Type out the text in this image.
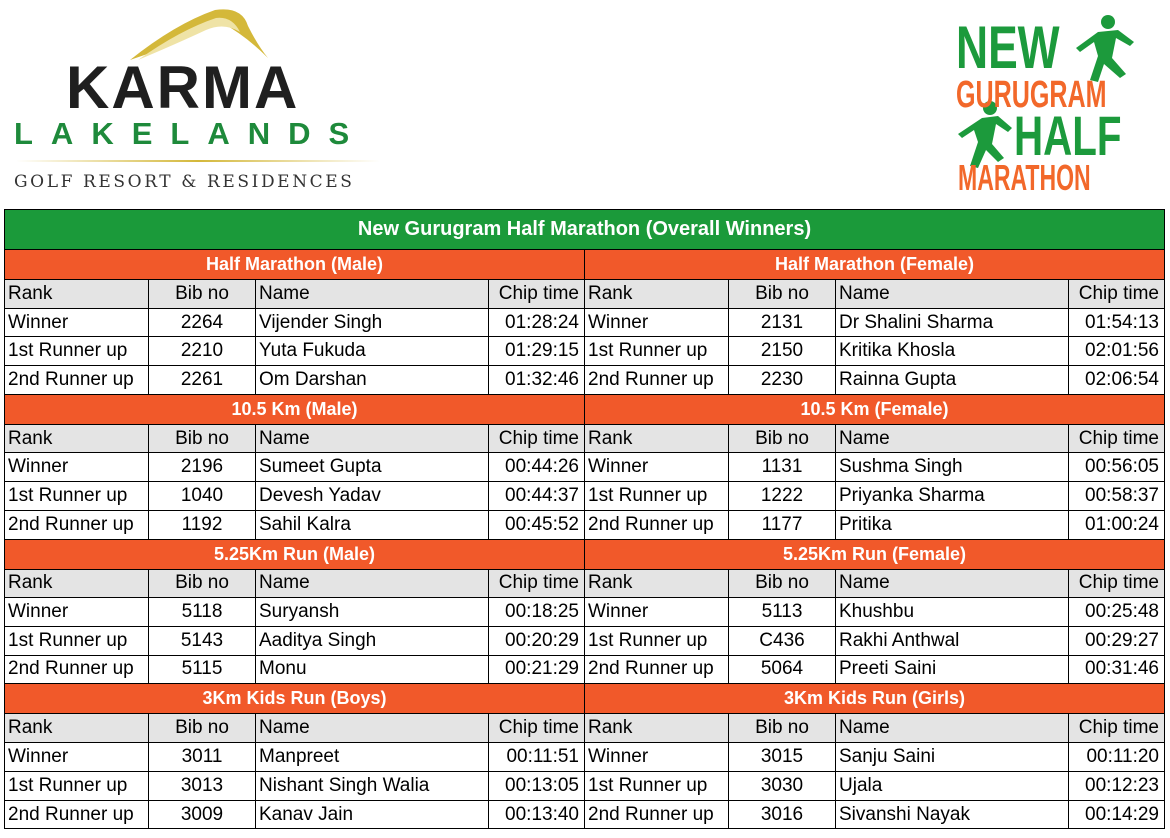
KARMA
LAKELANDS
GOLF RESORT & RESIDENCES
NEW
GURUGRAM
HALF
MARATHON
New Gurugram Half Marathon (Overall Winners)
Half Marathon (Male)
Rank	Bib no	Name	Chip time
Winner	2264	Vijender Singh	01:28:24
1st Runner up	2210	Yuta Fukuda	01:29:15
2nd Runner up	2261	Om Darshan	01:32:46
Half Marathon (Female)
Rank	Bib no	Name	Chip time
Winner	2131	Dr Shalini Sharma	01:54:13
1st Runner up	2150	Kritika Khosla	02:01:56
2nd Runner up	2230	Rainna Gupta	02:06:54
10.5 Km (Male)
Rank	Bib no	Name	Chip time
Winner	2196	Sumeet Gupta	00:44:26
1st Runner up	1040	Devesh Yadav	00:44:37
2nd Runner up	1192	Sahil Kalra	00:45:52
10.5 Km (Female)
Rank	Bib no	Name	Chip time
Winner	1131	Sushma Singh	00:56:05
1st Runner up	1222	Priyanka Sharma	00:58:37
2nd Runner up	1177	Pritika	01:00:24
5.25Km Run (Male)
Rank	Bib no	Name	Chip time
Winner	5118	Suryansh	00:18:25
1st Runner up	5143	Aaditya Singh	00:20:29
2nd Runner up	5115	Monu	00:21:29
5.25Km Run (Female)
Rank	Bib no	Name	Chip time
Winner	5113	Khushbu	00:25:48
1st Runner up	C436	Rakhi Anthwal	00:29:27
2nd Runner up	5064	Preeti Saini	00:31:46
3Km Kids Run (Boys)
Rank	Bib no	Name	Chip time
Winner	3011	Manpreet	00:11:51
1st Runner up	3013	Nishant Singh Walia	00:13:05
2nd Runner up	3009	Kanav Jain	00:13:40
3Km Kids Run (Girls)
Rank	Bib no	Name	Chip time
Winner	3015	Sanju Saini	00:11:20
1st Runner up	3030	Ujala	00:12:23
2nd Runner up	3016	Sivanshi Nayak	00:14:29
